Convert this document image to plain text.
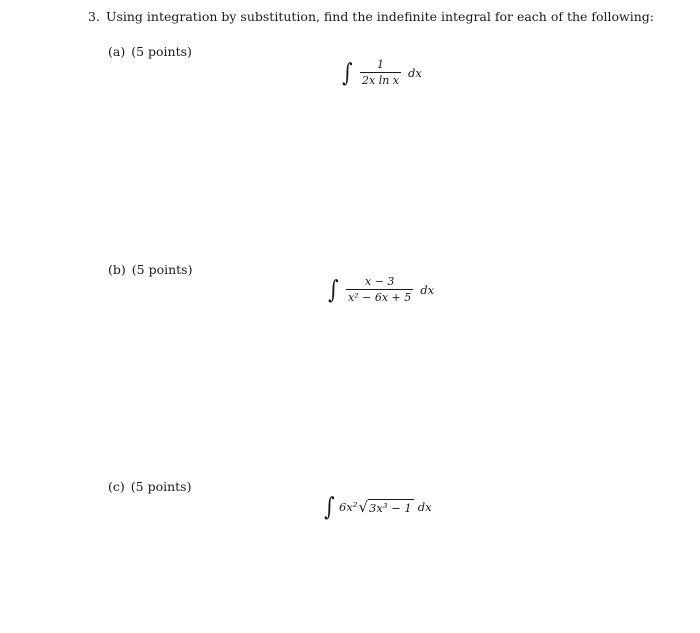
3. Using integration by substitution, find the indefinite integral for each of the following:
(a) (5 points)
∫ $\frac{1}{\text{2x ln x}}$ dx
(b) (5 points)
∫ $\frac{x - 3}{\text{x² − 6x + 5}}$ dx
(c) (5 points)
∫ 6x² √ 3x³ − 1 dx
